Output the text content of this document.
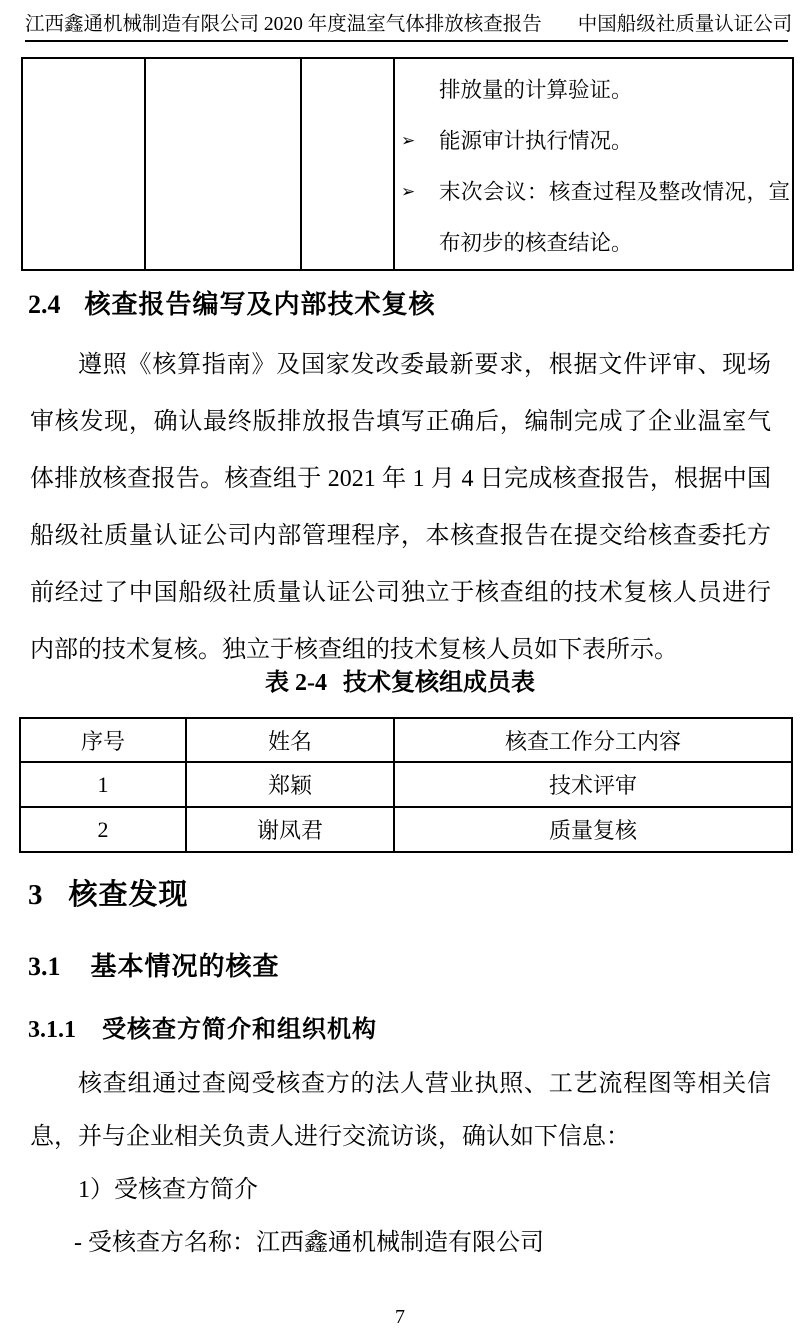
江西鑫通机械制造有限公司 2020 年度温室气体排放核查报告 中国船级社质量认证公司

排放量的计算验证。
➢	能源审计执行情况。
➢	末次会议：核查过程及整改情况，宣布初步的核查结论。
2.4 核查报告编写及内部技术复核
遵照《核算指南》及国家发改委最新要求，根据文件评审、现场审核发现，确认最终版排放报告填写正确后，编制完成了企业温室气体排放核查报告。核查组于 2021 年 1 月 4 日完成核查报告，根据中国船级社质量认证公司内部管理程序，本核查报告在提交给核查委托方前经过了中国船级社质量认证公司独立于核查组的技术复核人员进行内部的技术复核。独立于核查组的技术复核人员如下表所示。
表 2-4 技术复核组成员表
序号	姓名	核查工作分工内容
1	郑颖	技术评审
2	谢凤君	质量复核
3 核查发现
3.1 基本情况的核查
3.1.1 受核查方简介和组织机构
核查组通过查阅受核查方的法人营业执照、工艺流程图等相关信息，并与企业相关负责人进行交流访谈，确认如下信息：
1）受核查方简介
- 受核查方名称：江西鑫通机械制造有限公司
7
